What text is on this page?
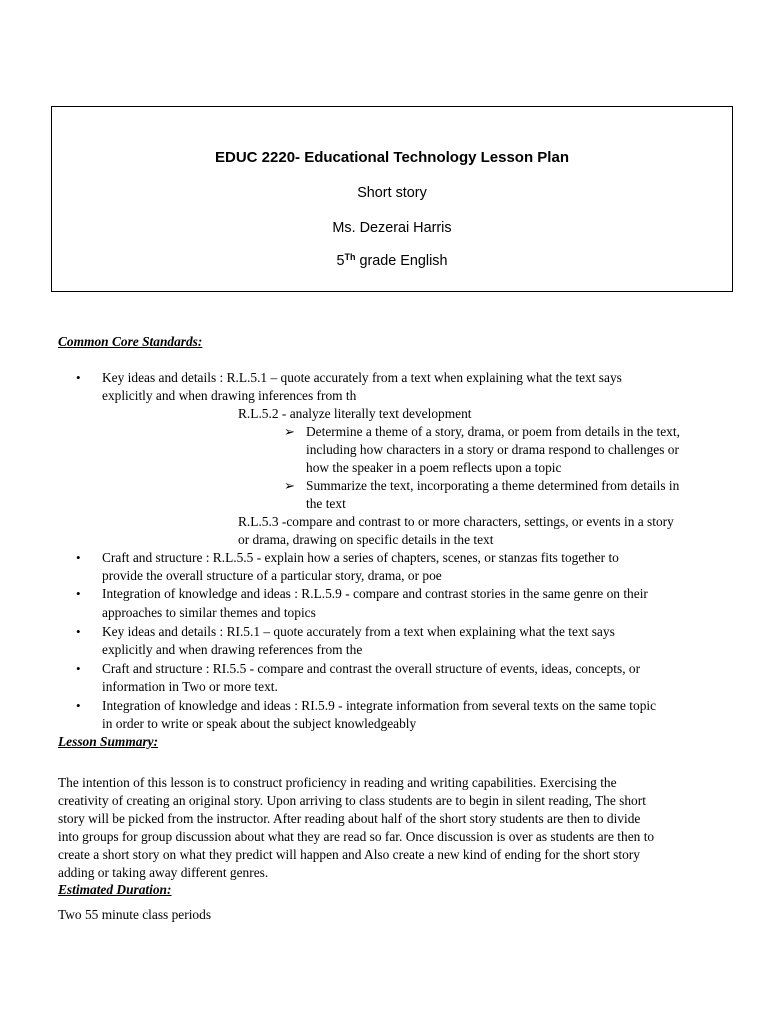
EDUC 2220- Educational Technology Lesson Plan
Short story
Ms. Dezerai Harris
5Th grade English
Common Core Standards:
•
•
•
•
•
•
➢
➢
Key ideas and details : R.L.5.1 – quote accurately from a text when explaining what the text says
explicitly and when drawing inferences from th
R.L.5.2 - analyze literally text development
Determine a theme of a story, drama, or poem from details in the text,
including how characters in a story or drama respond to challenges or
how the speaker in a poem reflects upon a topic
Summarize the text, incorporating a theme determined from details in
the text
R.L.5.3 -compare and contrast to or more characters, settings, or events in a story
or drama, drawing on specific details in the text
Craft and structure : R.L.5.5 - explain how a series of chapters, scenes, or stanzas fits together to
provide the overall structure of a particular story, drama, or poe
Integration of knowledge and ideas : R.L.5.9 - compare and contrast stories in the same genre on their
approaches to similar themes and topics
Key ideas and details : RI.5.1 – quote accurately from a text when explaining what the text says
explicitly and when drawing references from the
Craft and structure : RI.5.5 - compare and contrast the overall structure of events, ideas, concepts, or
information in Two or more text.
Integration of knowledge and ideas : RI.5.9 - integrate information from several texts on the same topic
in order to write or speak about the subject knowledgeably
Lesson Summary:
The intention of this lesson is to construct proficiency in reading and writing capabilities. Exercising the
creativity of creating an original story. Upon arriving to class students are to begin in silent reading, The short
story will be picked from the instructor. After reading about half of the short story students are then to divide
into groups for group discussion about what they are read so far. Once discussion is over as students are then to
create a short story on what they predict will happen and Also create a new kind of ending for the short story
adding or taking away different genres.
Estimated Duration:
Two 55 minute class periods
